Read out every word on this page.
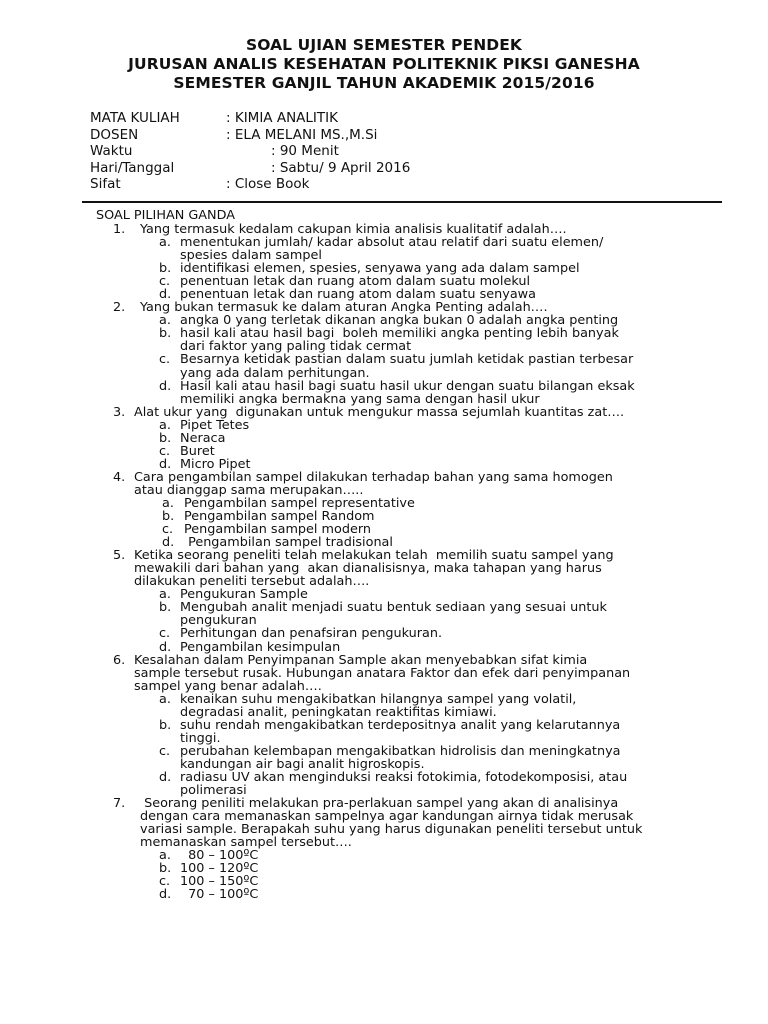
SOAL UJIAN SEMESTER PENDEK
JURUSAN ANALIS KESEHATAN POLITEKNIK PIKSI GANESHA
SEMESTER GANJIL TAHUN AKADEMIK 2015/2016
MATA KULIAH	: KIMIA ANALITIK
DOSEN	: ELA MELANI MS.,M.Si
Waktu	: 90 Menit
Hari/Tanggal	: Sabtu/ 9 April 2016
Sifat	: Close Book
SOAL PILIHAN GANDA
1. Yang termasuk kedalam cakupan kimia analisis kualitatif adalah….
a. menentukan jumlah/ kadar absolut atau relatif dari suatu elemen/
spesies dalam sampel
b. identifikasi elemen, spesies, senyawa yang ada dalam sampel
c. penentuan letak dan ruang atom dalam suatu molekul
d. penentuan letak dan ruang atom dalam suatu senyawa
2. Yang bukan termasuk ke dalam aturan Angka Penting adalah….
a. angka 0 yang terletak dikanan angka bukan 0 adalah angka penting
b. hasil kali atau hasil bagi  boleh memiliki angka penting lebih banyak
dari faktor yang paling tidak cermat
c. Besarnya ketidak pastian dalam suatu jumlah ketidak pastian terbesar
yang ada dalam perhitungan.
d. Hasil kali atau hasil bagi suatu hasil ukur dengan suatu bilangan eksak
memiliki angka bermakna yang sama dengan hasil ukur
3. Alat ukur yang  digunakan untuk mengukur massa sejumlah kuantitas zat….
a. Pipet Tetes
b. Neraca
c. Buret
d. Micro Pipet
4. Cara pengambilan sampel dilakukan terhadap bahan yang sama homogen
atau dianggap sama merupakan…..
a. Pengambilan sampel representative
b. Pengambilan sampel Random
c. Pengambilan sampel modern
d. Pengambilan sampel tradisional
5. Ketika seorang peneliti telah melakukan telah  memilih suatu sampel yang
mewakili dari bahan yang  akan dianalisisnya, maka tahapan yang harus
dilakukan peneliti tersebut adalah….
a. Pengukuran Sample
b. Mengubah analit menjadi suatu bentuk sediaan yang sesuai untuk
pengukuran
c. Perhitungan dan penafsiran pengukuran.
d. Pengambilan kesimpulan
6. Kesalahan dalam Penyimpanan Sample akan menyebabkan sifat kimia
sample tersebut rusak. Hubungan anatara Faktor dan efek dari penyimpanan
sampel yang benar adalah….
a. kenaikan suhu mengakibatkan hilangnya sampel yang volatil,
degradasi analit, peningkatan reaktifitas kimiawi.
b. suhu rendah mengakibatkan terdepositnya analit yang kelarutannya
tinggi.
c. perubahan kelembapan mengakibatkan hidrolisis dan meningkatnya
kandungan air bagi analit higroskopis.
d. radiasu UV akan menginduksi reaksi fotokimia, fotodekomposisi, atau
polimerasi
7. Seorang peniliti melakukan pra-perlakuan sampel yang akan di analisinya
dengan cara memanaskan sampelnya agar kandungan airnya tidak merusak
variasi sample. Berapakah suhu yang harus digunakan peneliti tersebut untuk
memanaskan sampel tersebut….
a. 80 – 100ºC
b. 100 – 120ºC
c. 100 – 150ºC
d. 70 – 100ºC
